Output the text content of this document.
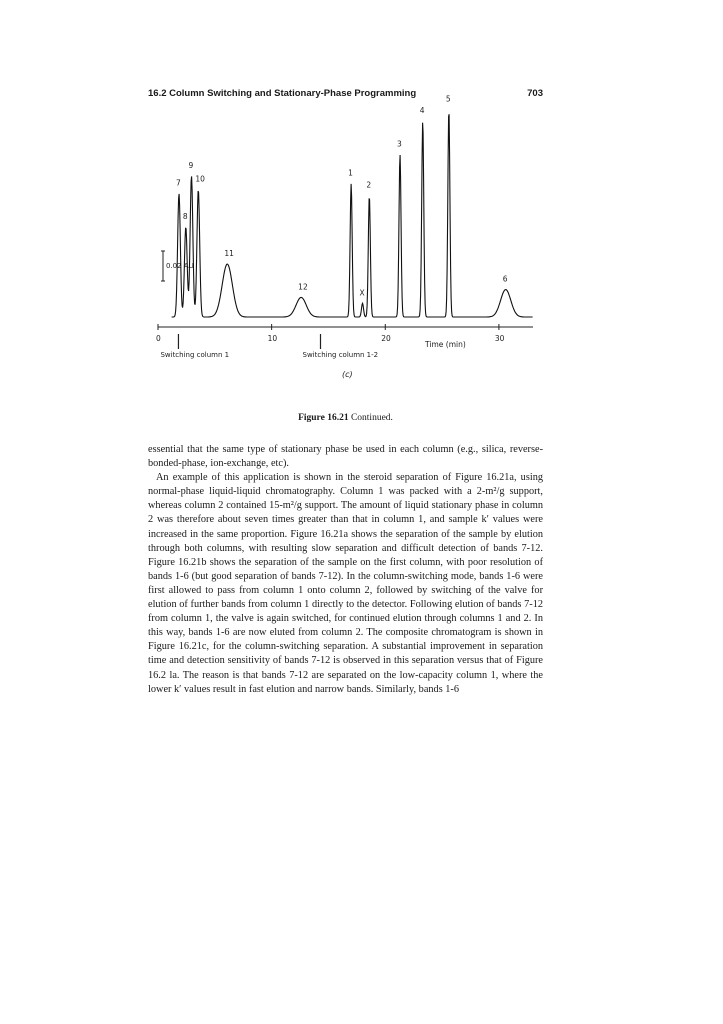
16.2 Column Switching and Stationary-Phase Programming	703
0	10	20	30
Time (min)
0.02 AU
Switching column 1	Switching column 1-2
7
8
9
10
11
12
1
X
2
3
4
5
6
(c)
Figure 16.21 Continued.

essential that the same type of stationary phase be used in each column (e.g., silica, reverse-bonded-phase, ion-exchange, etc).

An example of this application is shown in the steroid separation of Figure 16.21a, using normal-phase liquid-liquid chromatography. Column 1 was packed with a 2-m²/g support, whereas column 2 contained 15-m²/g support. The amount of liquid stationary phase in column 2 was therefore about seven times greater than that in column 1, and sample k′ values were increased in the same proportion. Figure 16.21a shows the separation of the sample by elution through both columns, with resulting slow separation and difficult detection of bands 7-12. Figure 16.21b shows the separation of the sample on the first column, with poor resolution of bands 1-6 (but good separation of bands 7-12). In the column-switching mode, bands 1-6 were first allowed to pass from column 1 onto column 2, followed by switching of the valve for elution of further bands from column 1 directly to the detector. Following elution of bands 7-12 from column 1, the valve is again switched, for continued elution through columns 1 and 2. In this way, bands 1-6 are now eluted from column 2. The composite chromatogram is shown in Figure 16.21c, for the column-switching separation. A substantial improvement in separation time and detection sensitivity of bands 7-12 is observed in this separation versus that of Figure 16.2 la. The reason is that bands 7-12 are separated on the low-capacity column 1, where the lower k′ values result in fast elution and narrow bands. Similarly, bands 1-6
